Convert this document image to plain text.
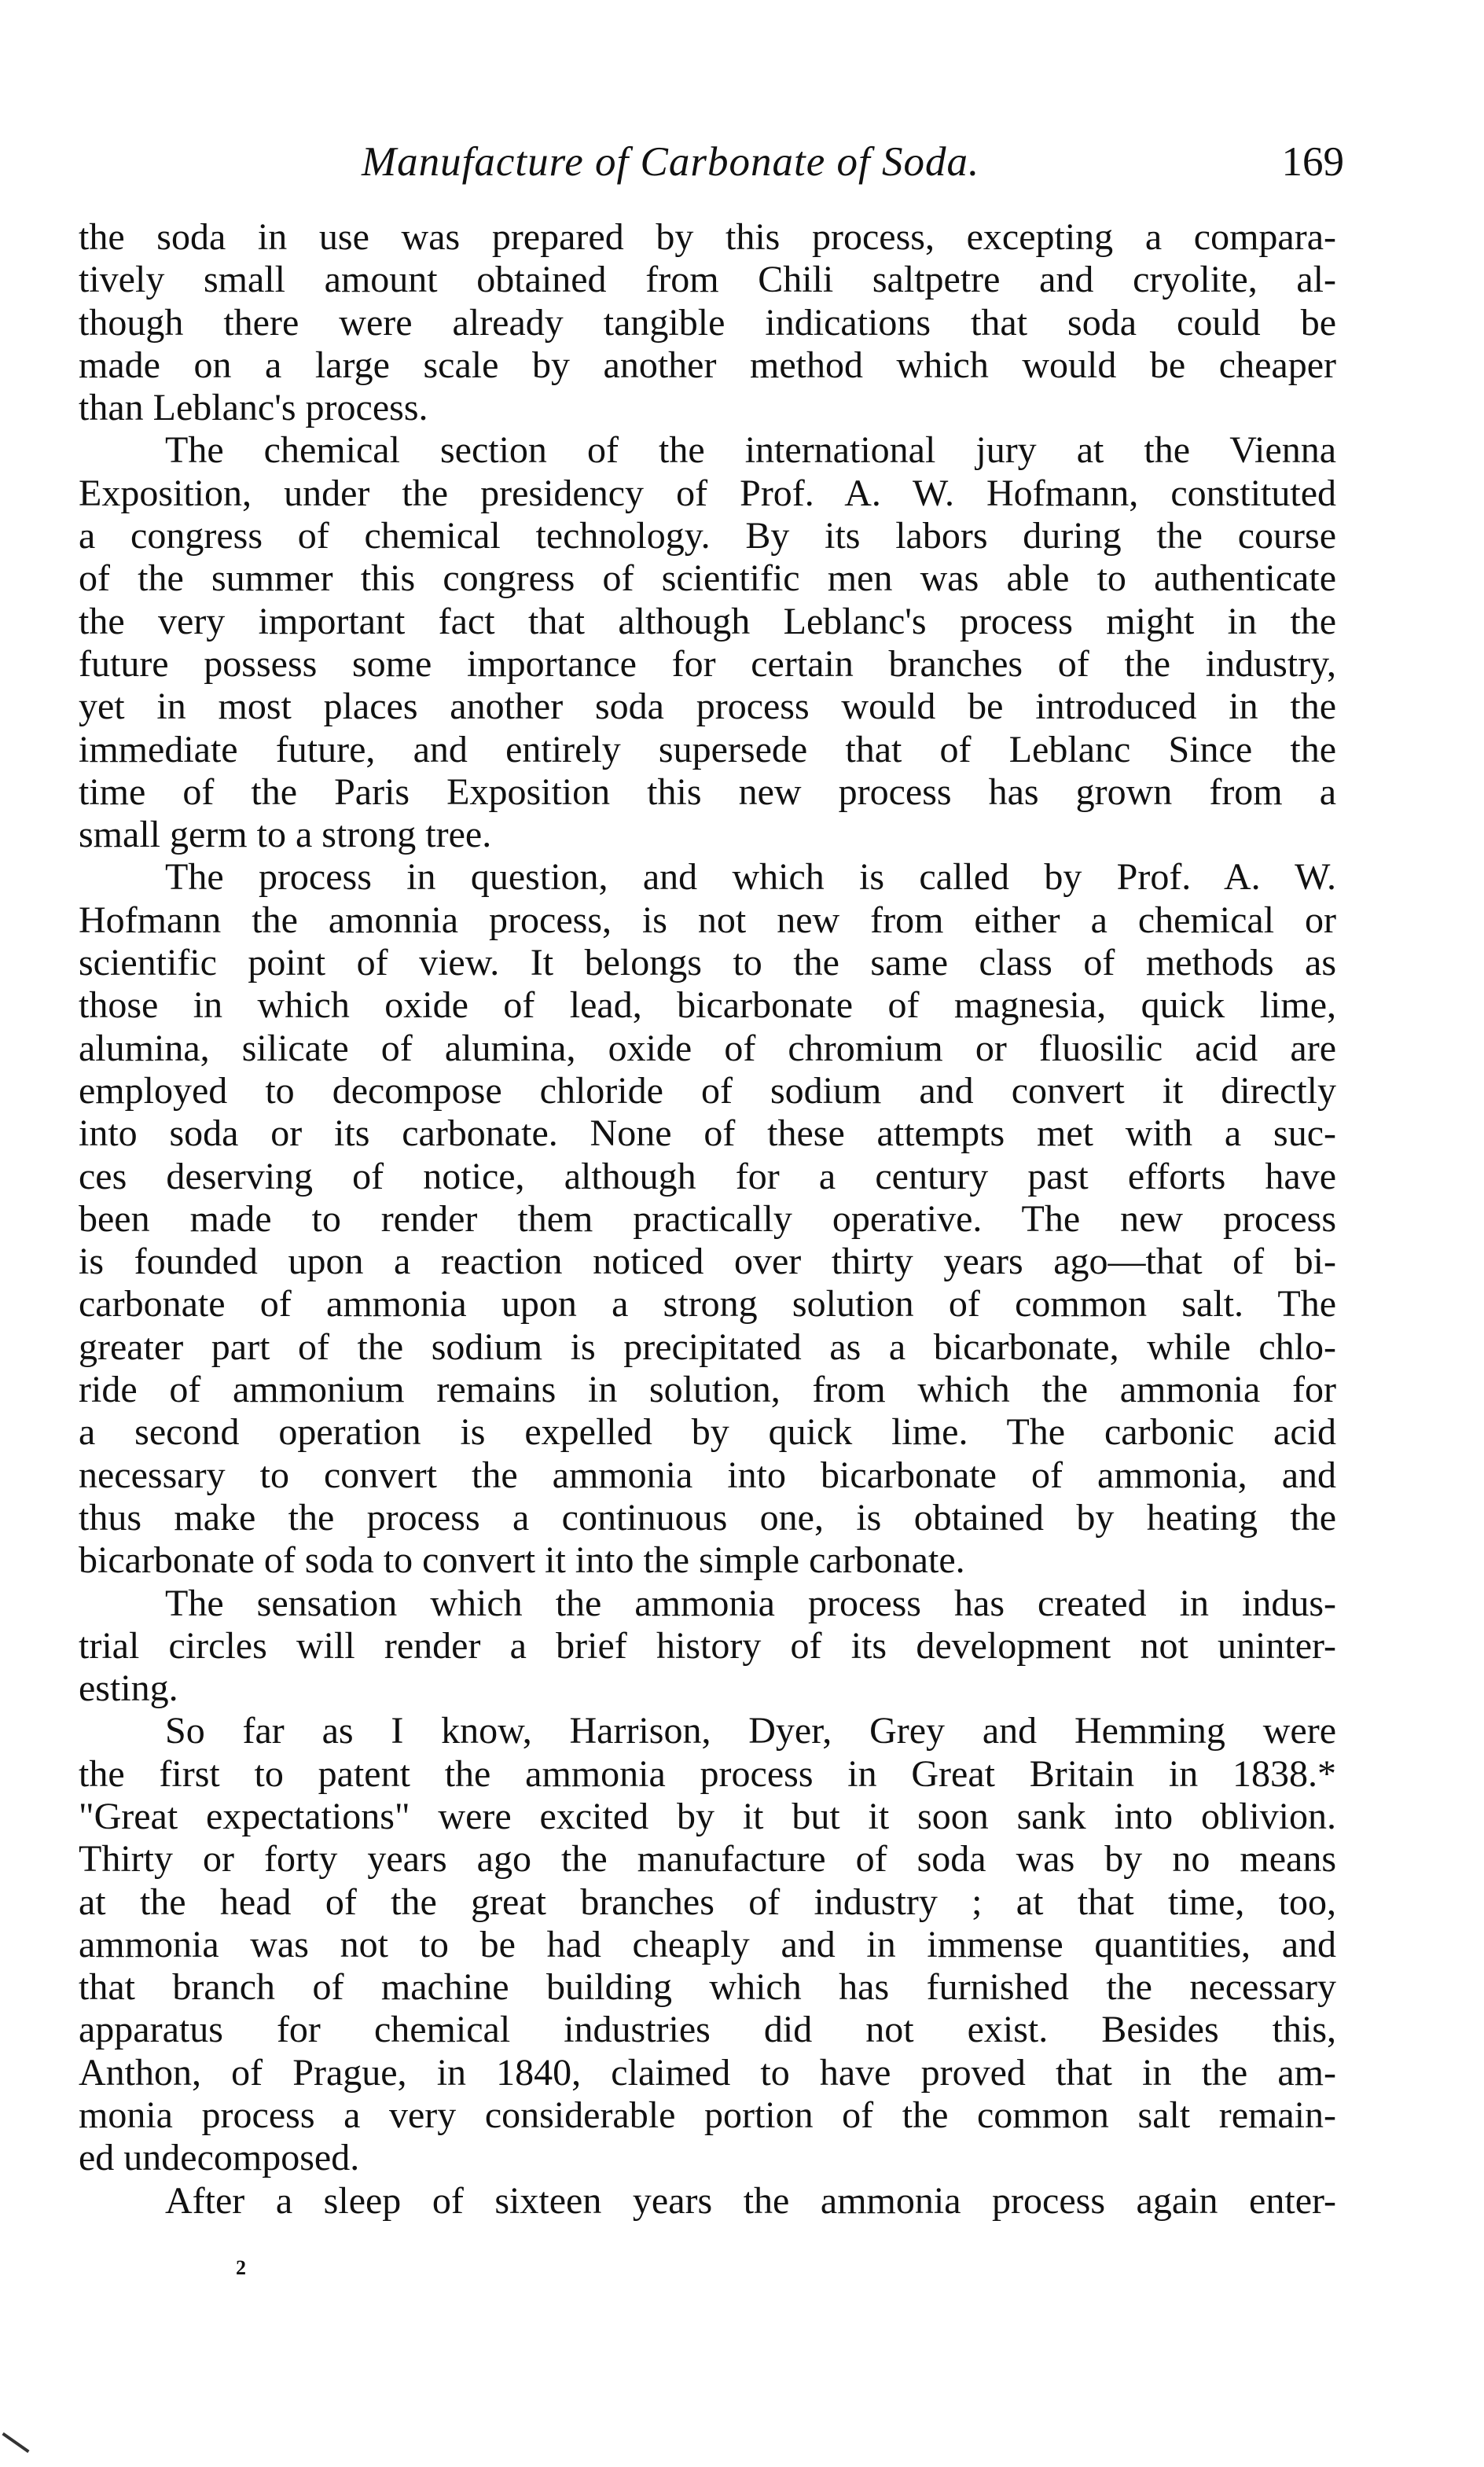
Manufacture of Carbonate of Soda.	169
the soda in use was prepared by this process, excepting a compara-
tively small amount obtained from Chili saltpetre and cryolite, al-
though there were already tangible indications that soda could be
made on a large scale by another method which would be cheaper
than Leblanc's process.
The chemical section of the international jury at the Vienna
Exposition, under the presidency of Prof. A. W. Hofmann, constituted
a congress of chemical technology. By its labors during the course
of the summer this congress of scientific men was able to authenticate
the very important fact that although Leblanc's process might in the
future possess some importance for certain branches of the industry,
yet in most places another soda process would be introduced in the
immediate future, and entirely supersede that of Leblanc Since the
time of the Paris Exposition this new process has grown from a
small germ to a strong tree.
The process in question, and which is called by Prof. A. W.
Hofmann the amonnia process, is not new from either a chemical or
scientific point of view. It belongs to the same class of methods as
those in which oxide of lead, bicarbonate of magnesia, quick lime,
alumina, silicate of alumina, oxide of chromium or fluosilic acid are
employed to decompose chloride of sodium and convert it directly
into soda or its carbonate. None of these attempts met with a suc-
ces deserving of notice, although for a century past efforts have
been made to render them practically operative. The new process
is founded upon a reaction noticed over thirty years ago—that of bi-
carbonate of ammonia upon a strong solution of common salt. The
greater part of the sodium is precipitated as a bicarbonate, while chlo-
ride of ammonium remains in solution, from which the ammonia for
a second operation is expelled by quick lime. The carbonic acid
necessary to convert the ammonia into bicarbonate of ammonia, and
thus make the process a continuous one, is obtained by heating the
bicarbonate of soda to convert it into the simple carbonate.
The sensation which the ammonia process has created in indus-
trial circles will render a brief history of its development not uninter-
esting.
So far as I know, Harrison, Dyer, Grey and Hemming were
the first to patent the ammonia process in Great Britain in 1838.*
"Great expectations" were excited by it but it soon sank into oblivion.
Thirty or forty years ago the manufacture of soda was by no means
at the head of the great branches of industry ; at that time, too,
ammonia was not to be had cheaply and in immense quantities, and
that branch of machine building which has furnished the necessary
apparatus for chemical industries did not exist. Besides this,
Anthon, of Prague, in 1840, claimed to have proved that in the am-
monia process a very considerable portion of the common salt remain-
ed undecomposed.
After a sleep of sixteen years the ammonia process again enter-
2
